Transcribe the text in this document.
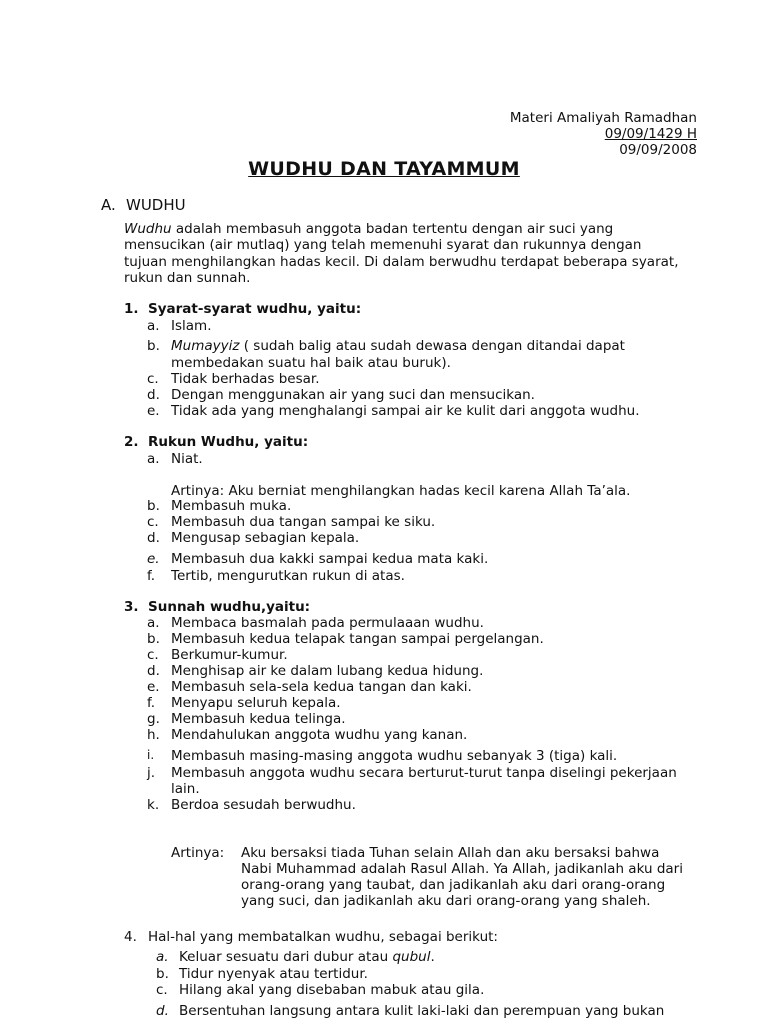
Materi Amaliyah Ramadhan
09/09/1429 H
09/09/2008
WUDHU DAN TAYAMMUM
A. WUDHU
Wudhu adalah membasuh anggota badan tertentu dengan air suci yang
mensucikan (air mutlaq) yang telah memenuhi syarat dan rukunnya dengan
tujuan menghilangkan hadas kecil. Di dalam berwudhu terdapat beberapa syarat,
rukun dan sunnah.
1. Syarat-syarat wudhu, yaitu:
a. Islam.
b. Mumayyiz ( sudah balig atau sudah dewasa dengan ditandai dapat
membedakan suatu hal baik atau buruk).
c. Tidak berhadas besar.
d. Dengan menggunakan air yang suci dan mensucikan.
e. Tidak ada yang menghalangi sampai air ke kulit dari anggota wudhu.
2. Rukun Wudhu, yaitu:
a. Niat.
Artinya: Aku berniat menghilangkan hadas kecil karena Allah Ta’ala.
b. Membasuh muka.
c. Membasuh dua tangan sampai ke siku.
d. Mengusap sebagian kepala.
e. Membasuh dua kakki sampai kedua mata kaki.
f. Tertib, mengurutkan rukun di atas.
3. Sunnah wudhu,yaitu:
a. Membaca basmalah pada permulaaan wudhu.
b. Membasuh kedua telapak tangan sampai pergelangan.
c. Berkumur-kumur.
d. Menghisap air ke dalam lubang kedua hidung.
e. Membasuh sela-sela kedua tangan dan kaki.
f. Menyapu seluruh kepala.
g. Membasuh kedua telinga.
h. Mendahulukan anggota wudhu yang kanan.
i. Membasuh masing-masing anggota wudhu sebanyak 3 (tiga) kali.
j. Membasuh anggota wudhu secara berturut-turut tanpa diselingi pekerjaan
lain.
k. Berdoa sesudah berwudhu.
Artinya: Aku bersaksi tiada Tuhan selain Allah dan aku bersaksi bahwa
Nabi Muhammad adalah Rasul Allah. Ya Allah, jadikanlah aku dari
orang-orang yang taubat, dan jadikanlah aku dari orang-orang
yang suci, dan jadikanlah aku dari orang-orang yang shaleh.
4. Hal-hal yang membatalkan wudhu, sebagai berikut:
a. Keluar sesuatu dari dubur atau qubul.
b. Tidur nyenyak atau tertidur.
c. Hilang akal yang disebaban mabuk atau gila.
d. Bersentuhan langsung antara kulit laki-laki dan perempuan yang bukan
